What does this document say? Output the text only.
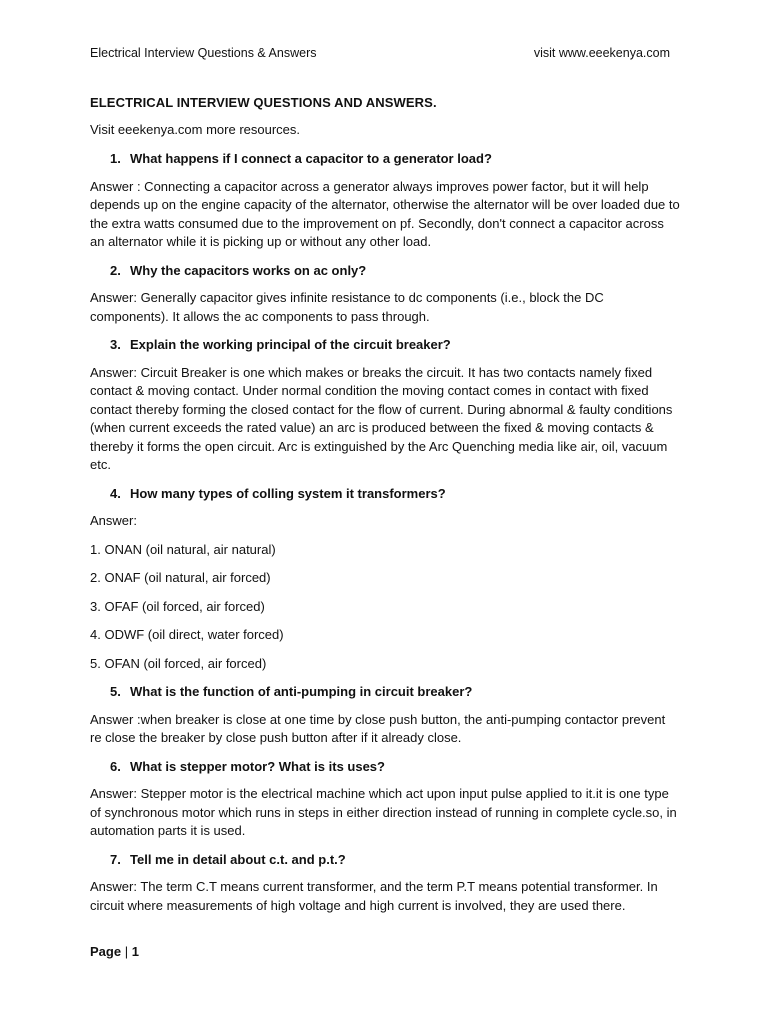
Electrical Interview Questions & Answers	visit www.eeekenya.com
ELECTRICAL INTERVIEW QUESTIONS AND ANSWERS.
Visit eeekenya.com more resources.
1. What happens if I connect a capacitor to a generator load?

Answer : Connecting a capacitor across a generator always improves power factor, but it will help depends up on the engine capacity of the alternator, otherwise the alternator will be over loaded due to the extra watts consumed due to the improvement on pf. Secondly, don't connect a capacitor across an alternator while it is picking up or without any other load.

2. Why the capacitors works on ac only?

Answer: Generally capacitor gives infinite resistance to dc components (i.e., block the DC components). It allows the ac components to pass through.

3. Explain the working principal of the circuit breaker?

Answer: Circuit Breaker is one which makes or breaks the circuit. It has two contacts namely fixed contact & moving contact. Under normal condition the moving contact comes in contact with fixed contact thereby forming the closed contact for the flow of current. During abnormal & faulty conditions (when current exceeds the rated value) an arc is produced between the fixed & moving contacts & thereby it forms the open circuit. Arc is extinguished by the Arc Quenching media like air, oil, vacuum etc.

4. How many types of colling system it transformers?

Answer:

1. ONAN (oil natural, air natural)

2. ONAF (oil natural, air forced)

3. OFAF (oil forced, air forced)

4. ODWF (oil direct, water forced)

5. OFAN (oil forced, air forced)

5. What is the function of anti-pumping in circuit breaker?

Answer :when breaker is close at one time by close push button, the anti-pumping contactor prevent re close the breaker by close push button after if it already close.

6. What is stepper motor? What is its uses?

Answer: Stepper motor is the electrical machine which act upon input pulse applied to it.it is one type of synchronous motor which runs in steps in either direction instead of running in complete cycle.so, in automation parts it is used.

7. Tell me in detail about c.t. and p.t.?

Answer: The term C.T means current transformer, and the term P.T means potential transformer. In circuit where measurements of high voltage and high current is involved, they are used there.

Page | 1
